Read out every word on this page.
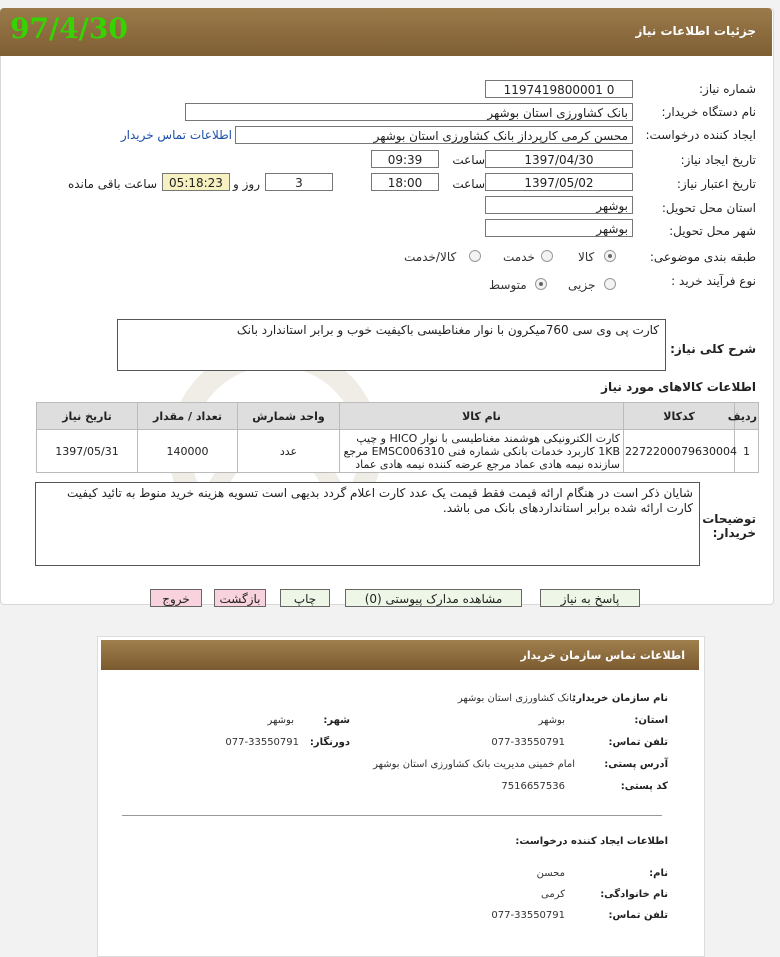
جزئیات اطلاعات نیاز
97/4/30
شماره نیاز:
1197419800001 0
نام دستگاه خریدار:
بانک کشاورزی استان بوشهر
ایجاد کننده درخواست:
محسن کرمی کارپرداز بانک کشاورزی استان بوشهر
اطلاعات تماس خریدار
تاریخ ایجاد نیاز:
1397/04/30
ساعت
09:39
تاریخ اعتبار نیاز:
1397/05/02
ساعت
18:00
3
روز و
05:18:23
ساعت باقی مانده
استان محل تحویل:
بوشهر
شهر محل تحویل:
بوشهر
طبقه بندی موضوعی:
کالا
خدمت
کالا/خدمت
نوع فرآیند خرید :
جزیی
متوسط
شرح کلی نیاز:
کارت پی وی سی 760میکرون با نوار مغناطیسی باکیفیت خوب و برابر استاندارد بانک
اطلاعات کالاهای مورد نیاز
ردیف	کدکالا	نام کالا	واحد شمارش	تعداد / مقدار	تاریخ نیاز
1	2272200079630004	کارت الکترونیکی هوشمند مغناطیسی با نوار HICO و چیپ 1KB کاربرد خدمات بانکی شماره فنی EMSC006310 مرجع سازنده نیمه هادی عماد مرجع عرضه کننده نیمه هادی عماد	عدد	140000	1397/05/31
توضیحات خریدار:
شایان ذکر است در هنگام ارائه قیمت فقط قیمت یک عدد کارت اعلام گردد بدیهی است تسویه هزینه خرید منوط به تائید کیفیت کارت ارائه شده برابر استانداردهای بانک می باشد.
پاسخ به نیاز
مشاهده مدارک پیوستی (0)
چاپ
بازگشت
خروج
اطلاعات تماس سازمان خریدار
نام سازمان خریدار:
بانک کشاورزی استان بوشهر
استان:
بوشهر
شهر:
بوشهر
تلفن تماس:
077-33550791
دورنگار:
077-33550791
آدرس پستی:
امام خمینی مدیریت بانک کشاورزی استان بوشهر
کد پستی:
7516657536
اطلاعات ایجاد کننده درخواست:
نام:
محسن
نام خانوادگی:
کرمی
تلفن تماس:
077-33550791
